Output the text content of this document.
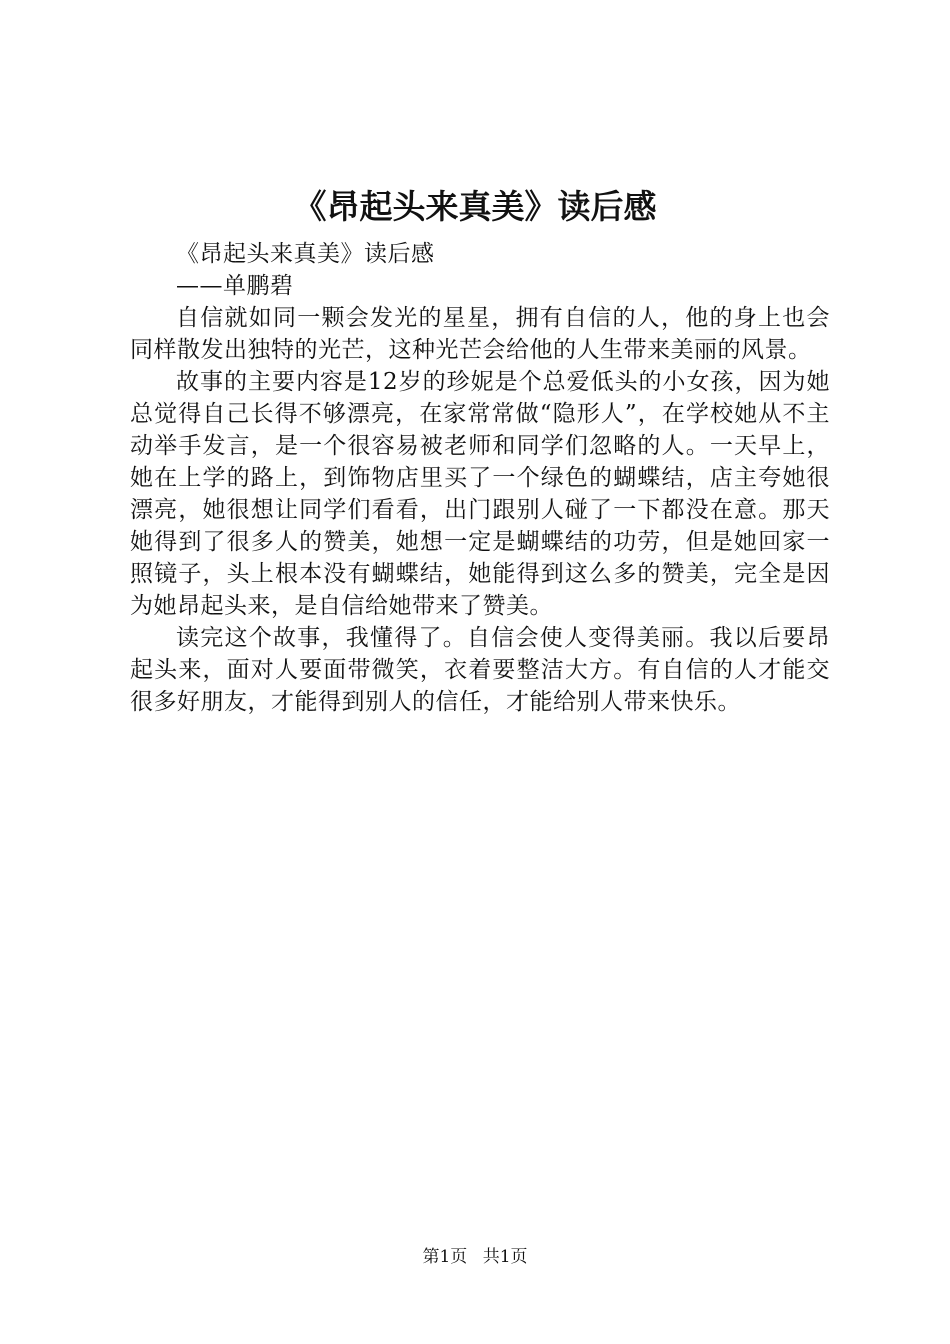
《昂起头来真美》读后感

《昂起头来真美》读后感

——单鹏碧

自信就如同一颗会发光的星星，拥有自信的人，他的身上也会同样散发出独特的光芒，这种光芒会给他的人生带来美丽的风景。

故事的主要内容是12岁的珍妮是个总爱低头的小女孩，因为她总觉得自己长得不够漂亮，在家常常做“隐形人”，在学校她从不主动举手发言，是一个很容易被老师和同学们忽略的人。一天早上，她在上学的路上，到饰物店里买了一个绿色的蝴蝶结，店主夸她很漂亮，她很想让同学们看看，出门跟别人碰了一下都没在意。那天她得到了很多人的赞美，她想一定是蝴蝶结的功劳，但是她回家一照镜子，头上根本没有蝴蝶结，她能得到这么多的赞美，完全是因为她昂起头来，是自信给她带来了赞美。

读完这个故事，我懂得了。自信会使人变得美丽。我以后要昂起头来，面对人要面带微笑，衣着要整洁大方。有自信的人才能交很多好朋友，才能得到别人的信任，才能给别人带来快乐。

第1页 共1页
